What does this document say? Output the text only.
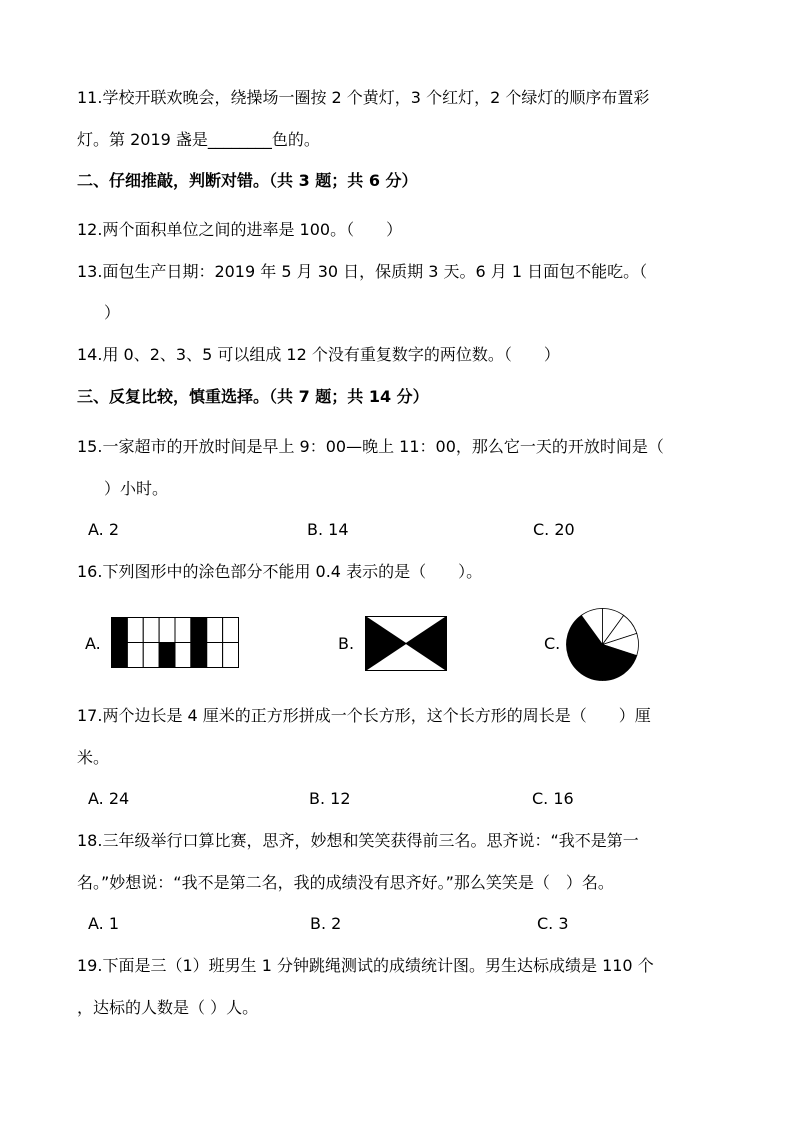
11.学校开联欢晚会，绕操场一圈按 2 个黄灯，3 个红灯，2 个绿灯的顺序布置彩
灯。第 2019 盏是________色的。
二、仔细推敲，判断对错。（共 3 题；共 6 分）
12.两个面积单位之间的进率是 100。（　　）
13.面包生产日期：2019 年 5 月 30 日，保质期 3 天。6 月 1 日面包不能吃。（
）
14.用 0、2、3、5 可以组成 12 个没有重复数字的两位数。（　　）
三、反复比较，慎重选择。（共 7 题；共 14 分）
15.一家超市的开放时间是早上 9：00—晚上 11：00，那么它一天的开放时间是（
）小时。
A. 2	B. 14	C. 20
16.下列图形中的涂色部分不能用 0.4 表示的是（　　）。
A.	B.	C.
17.两个边长是 4 厘米的正方形拼成一个长方形，这个长方形的周长是（　　）厘
米。
A. 24	B. 12	C. 16
18.三年级举行口算比赛，思齐，妙想和笑笑获得前三名。思齐说：“我不是第一
名。”妙想说：“我不是第二名，我的成绩没有思齐好。”那么笑笑是（　）名。
A. 1	B. 2	C. 3
19.下面是三（1）班男生 1 分钟跳绳测试的成绩统计图。男生达标成绩是 110 个
，达标的人数是（ ）人。
